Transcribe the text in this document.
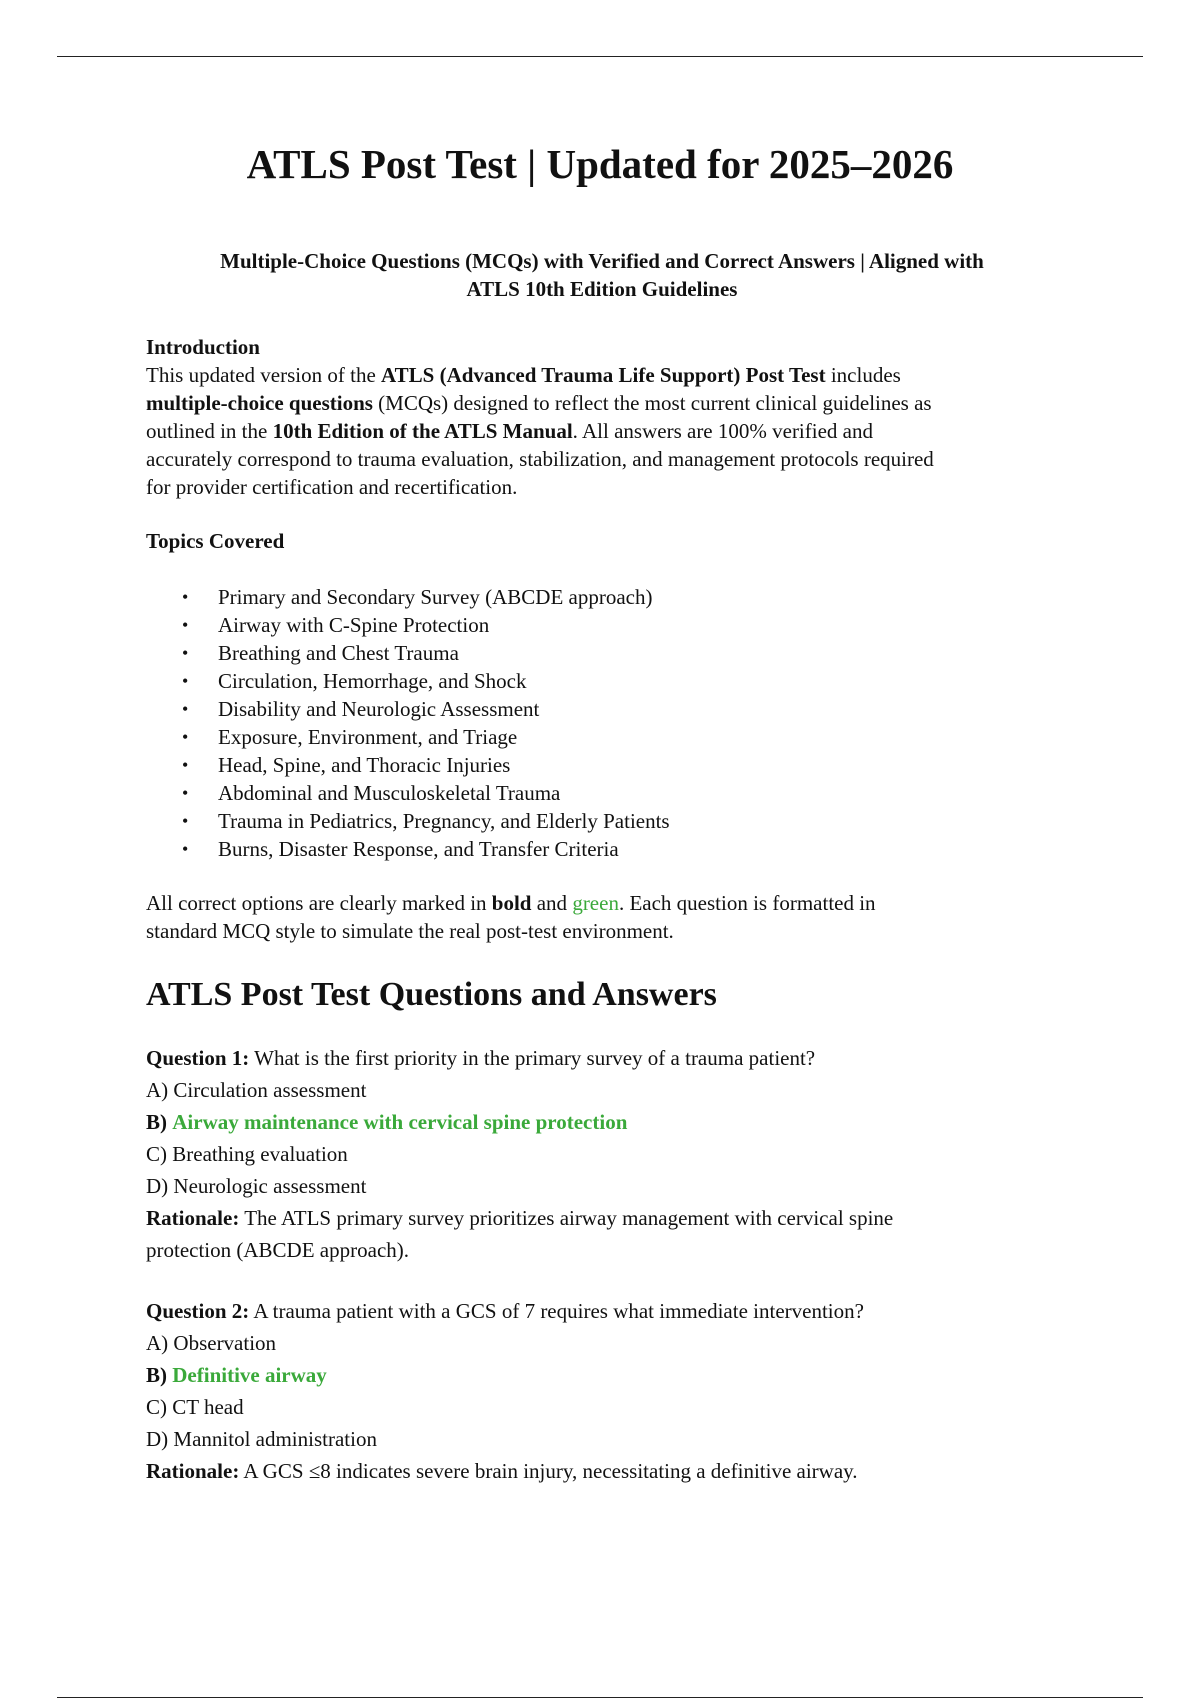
ATLS Post Test | Updated for 2025–2026

Multiple-Choice Questions (MCQs) with Verified and Correct Answers | Aligned with
ATLS 10th Edition Guidelines

Introduction

This updated version of the ATLS (Advanced Trauma Life Support) Post Test includes
multiple-choice questions (MCQs) designed to reflect the most current clinical guidelines as
outlined in the 10th Edition of the ATLS Manual. All answers are 100% verified and
accurately correspond to trauma evaluation, stabilization, and management protocols required
for provider certification and recertification.

Topics Covered

• Primary and Secondary Survey (ABCDE approach)
• Airway with C-Spine Protection
• Breathing and Chest Trauma
• Circulation, Hemorrhage, and Shock
• Disability and Neurologic Assessment
• Exposure, Environment, and Triage
• Head, Spine, and Thoracic Injuries
• Abdominal and Musculoskeletal Trauma
• Trauma in Pediatrics, Pregnancy, and Elderly Patients
• Burns, Disaster Response, and Transfer Criteria

All correct options are clearly marked in bold and green. Each question is formatted in
standard MCQ style to simulate the real post-test environment.

ATLS Post Test Questions and Answers
Question 1: What is the first priority in the primary survey of a trauma patient?
A) Circulation assessment
B) Airway maintenance with cervical spine protection
C) Breathing evaluation
D) Neurologic assessment
Rationale: The ATLS primary survey prioritizes airway management with cervical spine
protection (ABCDE approach).
Question 2: A trauma patient with a GCS of 7 requires what immediate intervention?
A) Observation
B) Definitive airway
C) CT head
D) Mannitol administration
Rationale: A GCS ≤8 indicates severe brain injury, necessitating a definitive airway.
